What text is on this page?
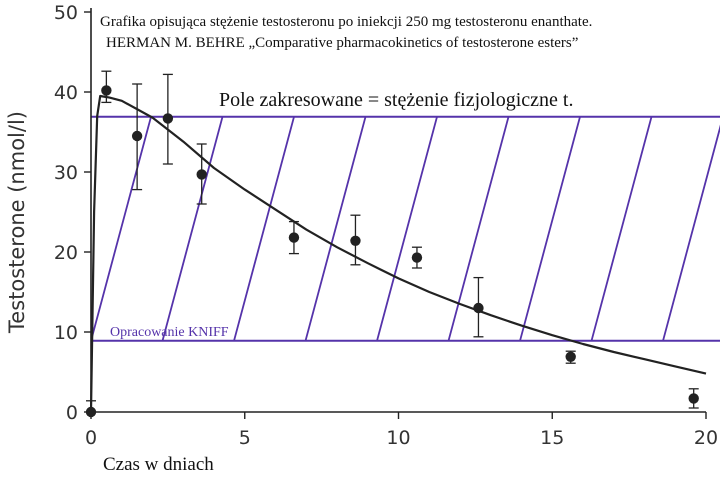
0
10
20
30
40
50
0	5	10	15	20
Grafika opisująca stężenie testosteronu po iniekcji 250 mg testosteronu enanthate.
HERMAN M. BEHRE „Comparative pharmacokinetics of testosterone esters”
Pole zakresowane = stężenie fizjologiczne t.
Opracowanie KNIFF
Czas w dniach
Testosterone (nmol/l)
